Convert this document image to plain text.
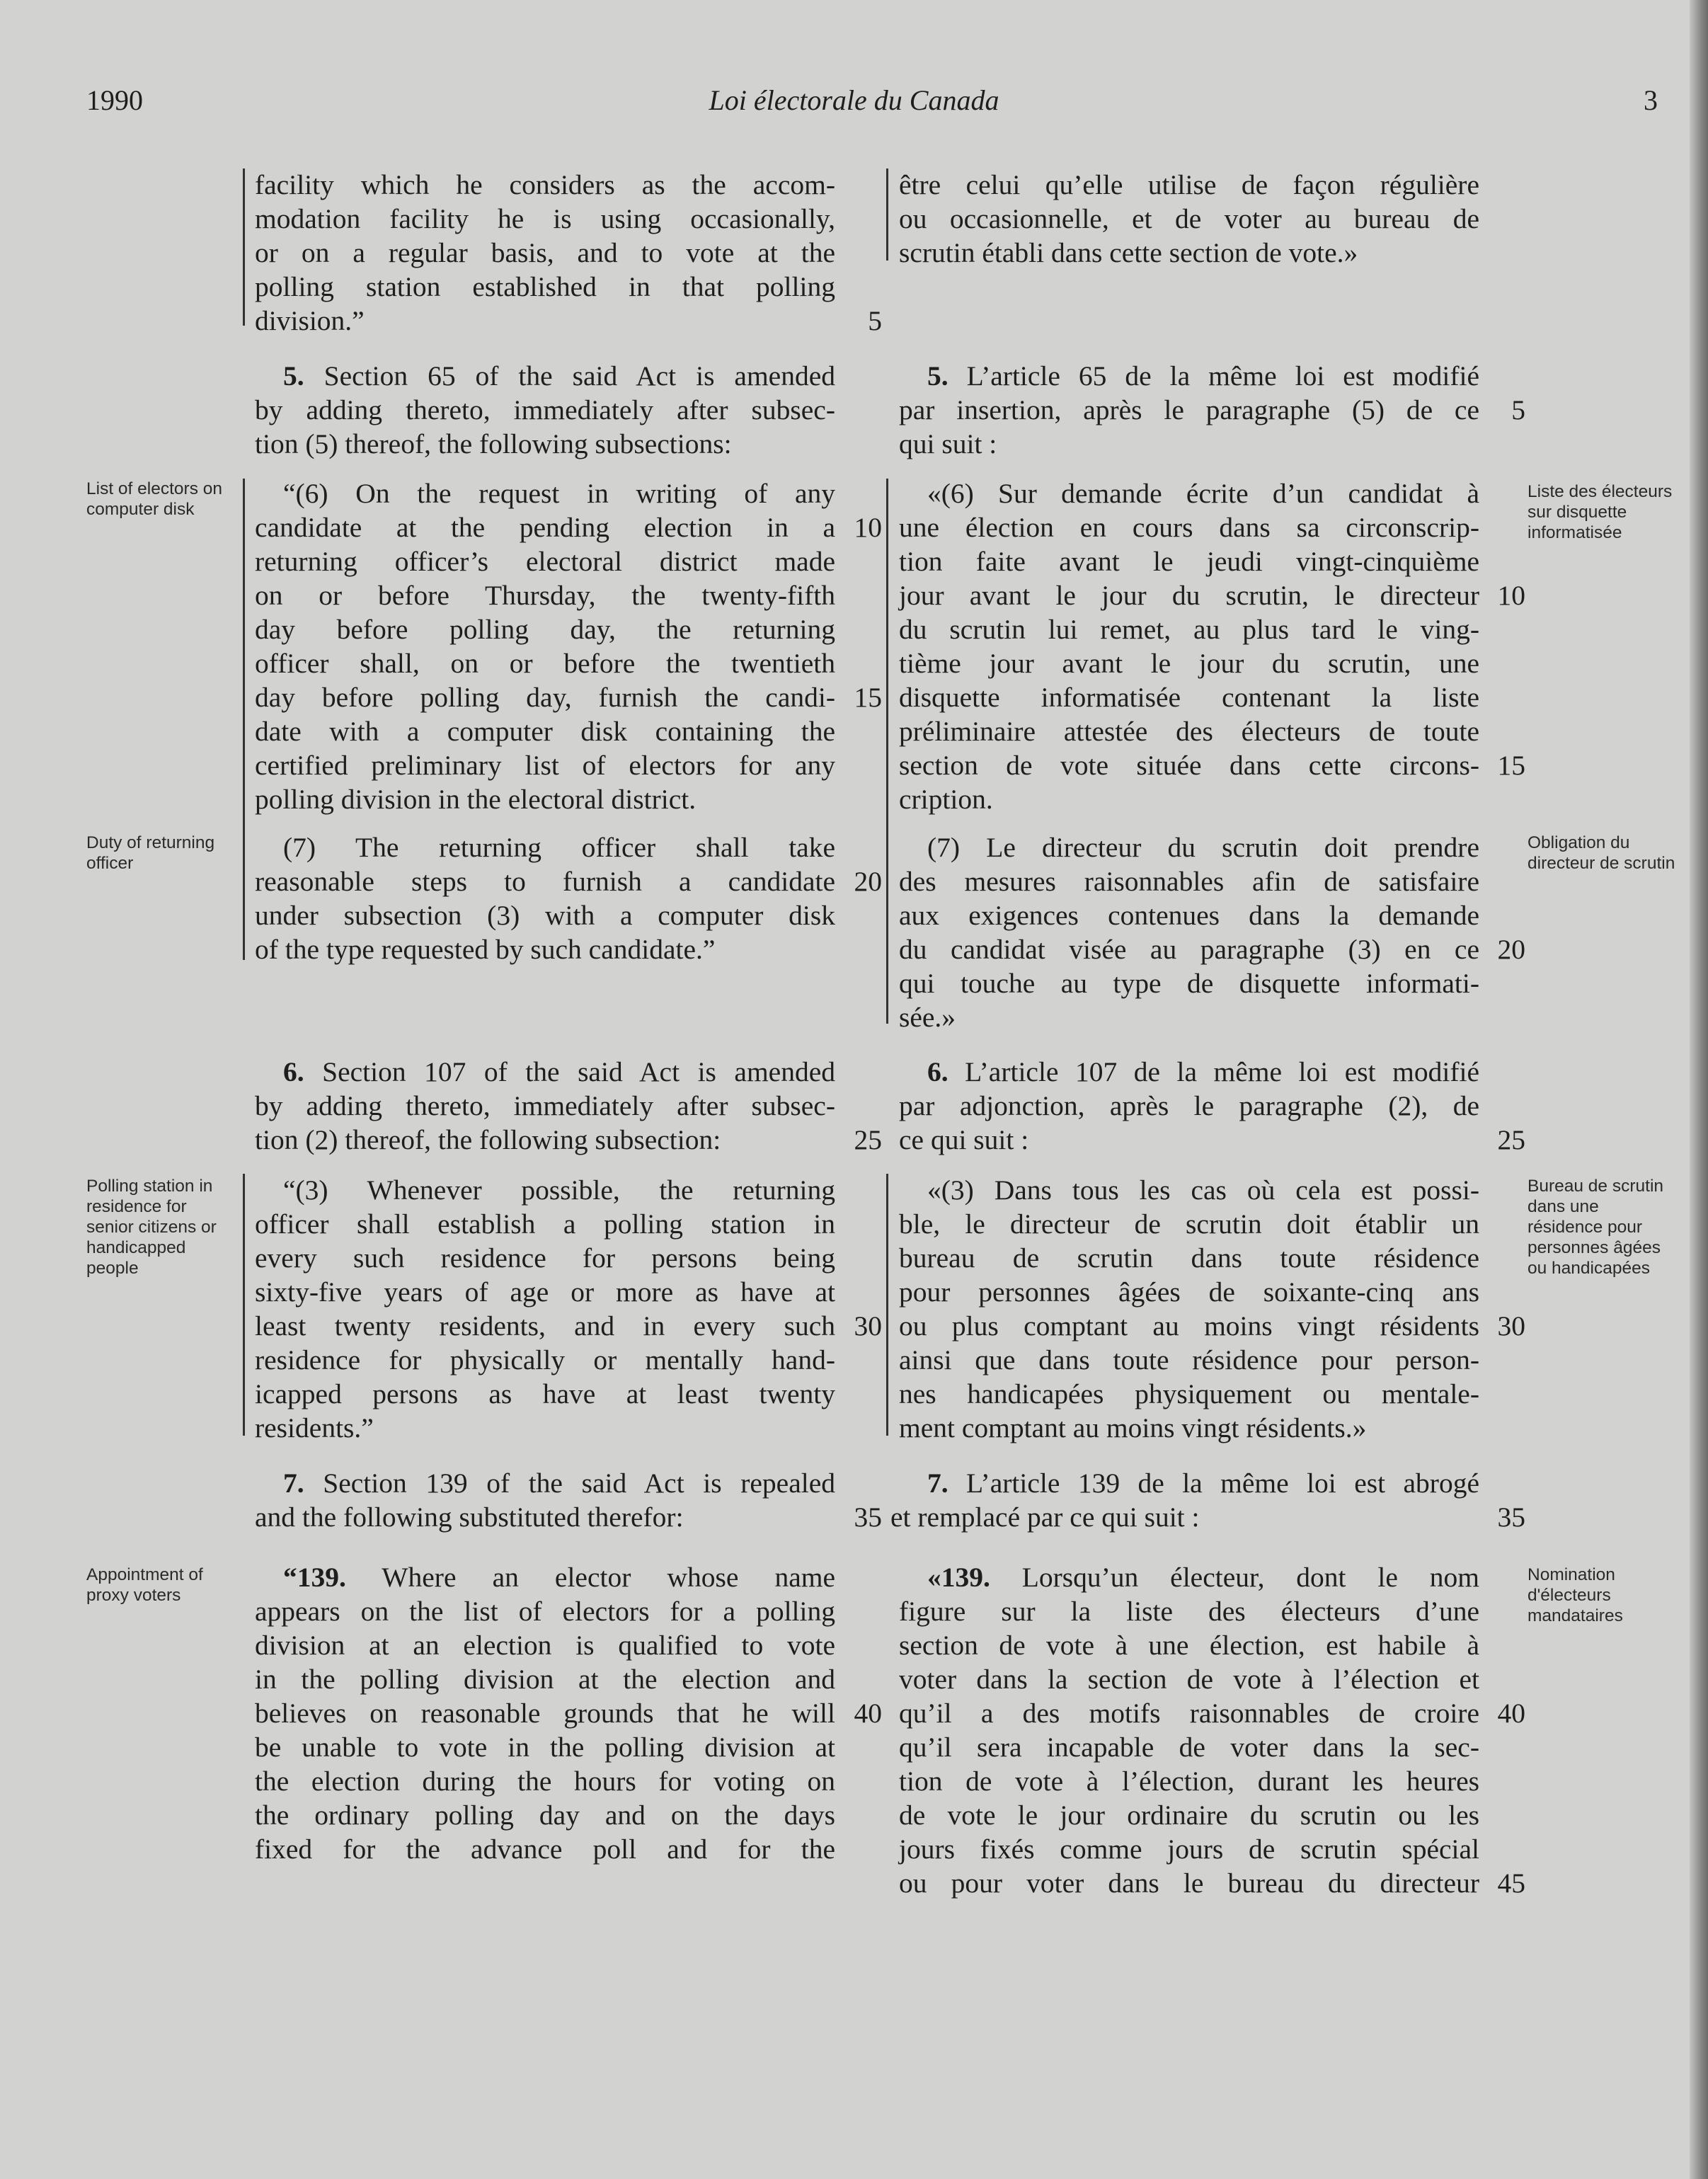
1990	Loi électorale du Canada	3
List of electors on computer disk
Duty of returning officer
Polling station in residence for senior citizens or handicapped people
Appointment of proxy voters
Liste des électeurs sur disquette informatisée
Obligation du directeur de scrutin
Bureau de scrutin dans une résidence pour personnes âgées ou handicapées
Nomination d'électeurs mandataires
facility which he considers as the accom-
modation facility he is using occasionally,
or on a regular basis, and to vote at the
polling station established in that polling
division.”
5. Section 65 of the said Act is amended
by adding thereto, immediately after subsec-
tion (5) thereof, the following subsections:
“(6) On the request in writing of any
candidate at the pending election in a
returning officer’s electoral district made
on or before Thursday, the twenty-fifth
day before polling day, the returning
officer shall, on or before the twentieth
day before polling day, furnish the candi-
date with a computer disk containing the
certified preliminary list of electors for any
polling division in the electoral district.
(7) The returning officer shall take
reasonable steps to furnish a candidate
under subsection (3) with a computer disk
of the type requested by such candidate.”
6. Section 107 of the said Act is amended
by adding thereto, immediately after subsec-
tion (2) thereof, the following subsection:
“(3) Whenever possible, the returning
officer shall establish a polling station in
every such residence for persons being
sixty-five years of age or more as have at
least twenty residents, and in every such
residence for physically or mentally hand-
icapped persons as have at least twenty
residents.”
7. Section 139 of the said Act is repealed
and the following substituted therefor:
“139. Where an elector whose name
appears on the list of electors for a polling
division at an election is qualified to vote
in the polling division at the election and
believes on reasonable grounds that he will
be unable to vote in the polling division at
the election during the hours for voting on
the ordinary polling day and on the days
fixed for the advance poll and for the
5
10
15
20
25
30
35
40
être celui qu’elle utilise de façon régulière
ou occasionnelle, et de voter au bureau de
scrutin établi dans cette section de vote.»
5. L’article 65 de la même loi est modifié
par insertion, après le paragraphe (5) de ce
qui suit :
«(6) Sur demande écrite d’un candidat à
une élection en cours dans sa circonscrip-
tion faite avant le jeudi vingt-cinquième
jour avant le jour du scrutin, le directeur
du scrutin lui remet, au plus tard le ving-
tième jour avant le jour du scrutin, une
disquette informatisée contenant la liste
préliminaire attestée des électeurs de toute
section de vote située dans cette circons-
cription.
(7) Le directeur du scrutin doit prendre
des mesures raisonnables afin de satisfaire
aux exigences contenues dans la demande
du candidat visée au paragraphe (3) en ce
qui touche au type de disquette informati-
sée.»
6. L’article 107 de la même loi est modifié
par adjonction, après le paragraphe (2), de
ce qui suit :
«(3) Dans tous les cas où cela est possi-
ble, le directeur de scrutin doit établir un
bureau de scrutin dans toute résidence
pour personnes âgées de soixante-cinq ans
ou plus comptant au moins vingt résidents
ainsi que dans toute résidence pour person-
nes handicapées physiquement ou mentale-
ment comptant au moins vingt résidents.»
7. L’article 139 de la même loi est abrogé
et remplacé par ce qui suit :
«139. Lorsqu’un électeur, dont le nom
figure sur la liste des électeurs d’une
section de vote à une élection, est habile à
voter dans la section de vote à l’élection et
qu’il a des motifs raisonnables de croire
qu’il sera incapable de voter dans la sec-
tion de vote à l’élection, durant les heures
de vote le jour ordinaire du scrutin ou les
jours fixés comme jours de scrutin spécial
ou pour voter dans le bureau du directeur
5
10
15
20
25
30
35
40
45
